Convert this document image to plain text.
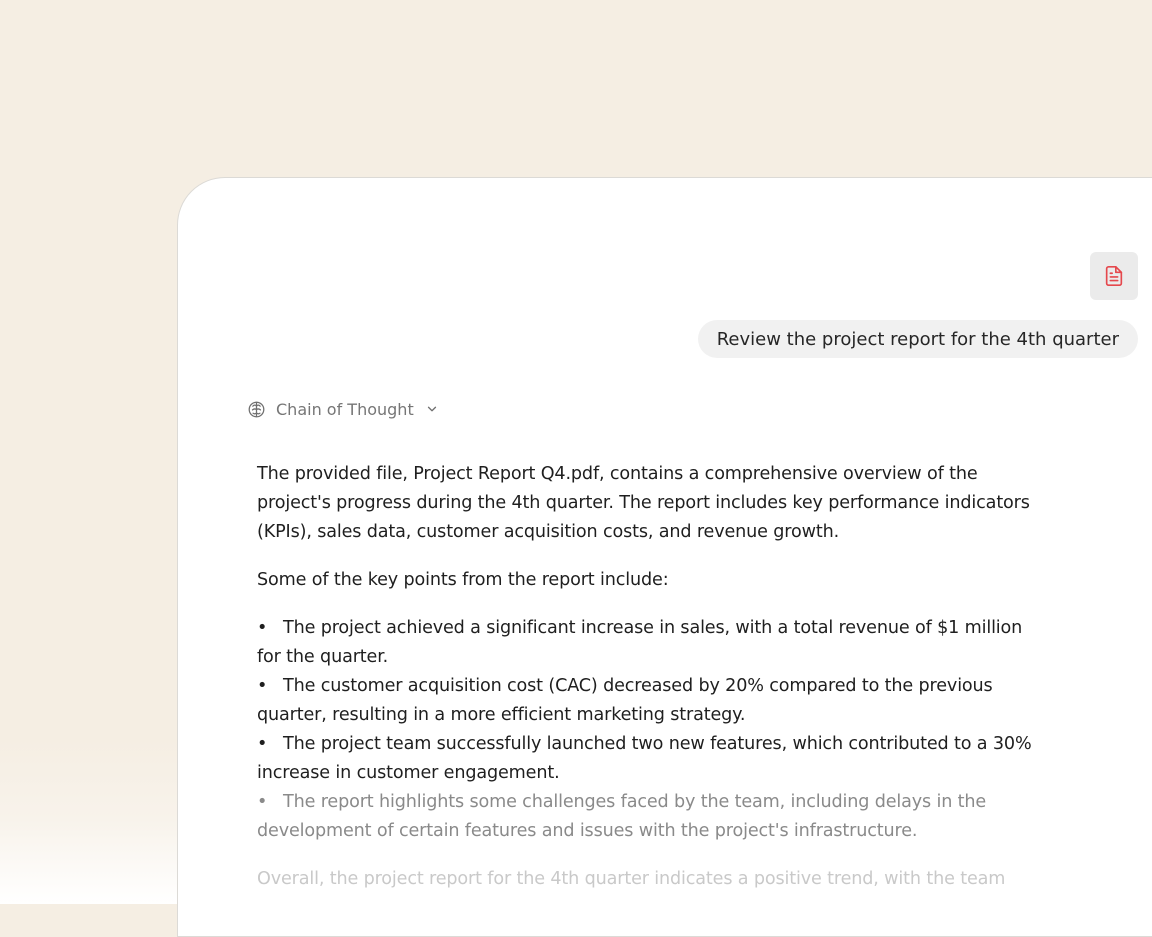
Review the project report for the 4th quarter
Chain of Thought

The provided file, Project Report Q4.pdf, contains a comprehensive overview of the project's progress during the 4th quarter. The report includes key performance indicators (KPIs), sales data, customer acquisition costs, and revenue growth.

Some of the key points from the report include:

• The project achieved a significant increase in sales, with a total revenue of $1 million for the quarter.
• The customer acquisition cost (CAC) decreased by 20% compared to the previous quarter, resulting in a more efficient marketing strategy.
• The project team successfully launched two new features, which contributed to a 30% increase in customer engagement.
• The report highlights some challenges faced by the team, including delays in the development of certain features and issues with the project's infrastructure.

Overall, the project report for the 4th quarter indicates a positive trend, with the team
